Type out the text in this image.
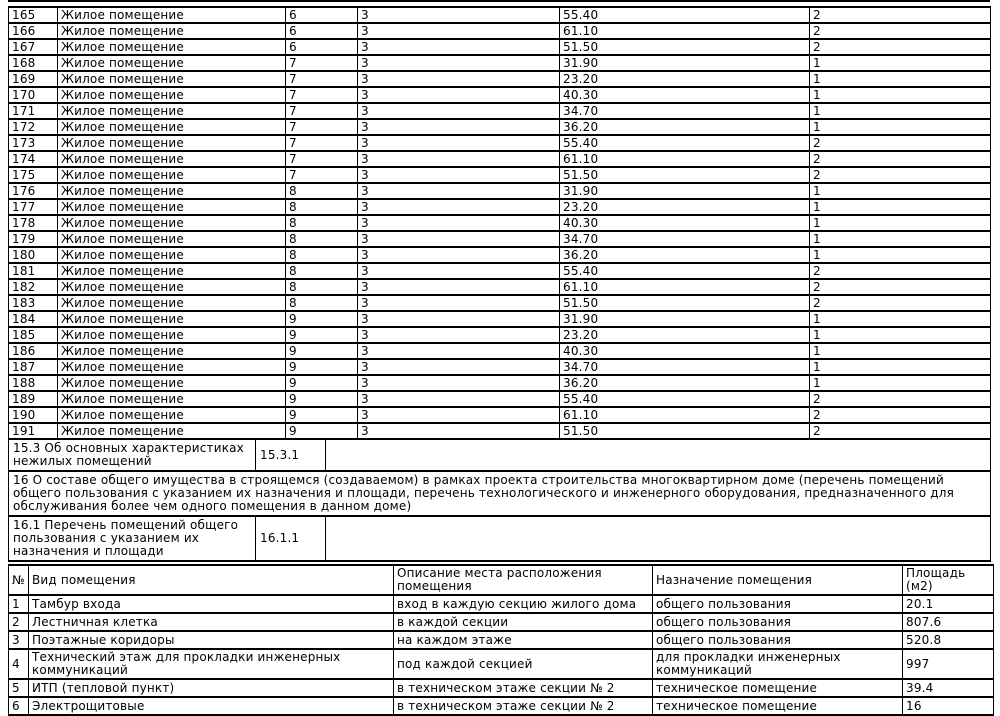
165	Жилое помещение	6	3	55.40	2
166	Жилое помещение	6	3	61.10	2
167	Жилое помещение	6	3	51.50	2
168	Жилое помещение	7	3	31.90	1
169	Жилое помещение	7	3	23.20	1
170	Жилое помещение	7	3	40.30	1
171	Жилое помещение	7	3	34.70	1
172	Жилое помещение	7	3	36.20	1
173	Жилое помещение	7	3	55.40	2
174	Жилое помещение	7	3	61.10	2
175	Жилое помещение	7	3	51.50	2
176	Жилое помещение	8	3	31.90	1
177	Жилое помещение	8	3	23.20	1
178	Жилое помещение	8	3	40.30	1
179	Жилое помещение	8	3	34.70	1
180	Жилое помещение	8	3	36.20	1
181	Жилое помещение	8	3	55.40	2
182	Жилое помещение	8	3	61.10	2
183	Жилое помещение	8	3	51.50	2
184	Жилое помещение	9	3	31.90	1
185	Жилое помещение	9	3	23.20	1
186	Жилое помещение	9	3	40.30	1
187	Жилое помещение	9	3	34.70	1
188	Жилое помещение	9	3	36.20	1
189	Жилое помещение	9	3	55.40	2
190	Жилое помещение	9	3	61.10	2
191	Жилое помещение	9	3	51.50	2
15.3 Об основных характеристиках нежилых помещений	15.3.1	
16 О составе общего имущества в строящемся (создаваемом) в рамках проекта строительства многоквартирном доме (перечень помещений общего пользования с указанием их назначения и площади, перечень технологического и инженерного оборудования, предназначенного для обслуживания более чем одного помещения в данном доме)		
16.1 Перечень помещений общего пользования с указанием их назначения и площади	16.1.1	
№	Вид помещения	Описание места расположения помещения	Назначение помещения	Площадь (м2)
1	Тамбур входа	вход в каждую секцию жилого дома	общего пользования	20.1
2	Лестничная клетка	в каждой секции	общего пользования	807.6
3	Поэтажные коридоры	на каждом этаже	общего пользования	520.8
4	Технический этаж для прокладки инженерных коммуникаций	под каждой секцией	для прокладки инженерных коммуникаций	997
5	ИТП (тепловой пункт)	в техническом этаже секции № 2	техническое помещение	39.4
6	Электрощитовые	в техническом этаже секции № 2	техническое помещение	16
